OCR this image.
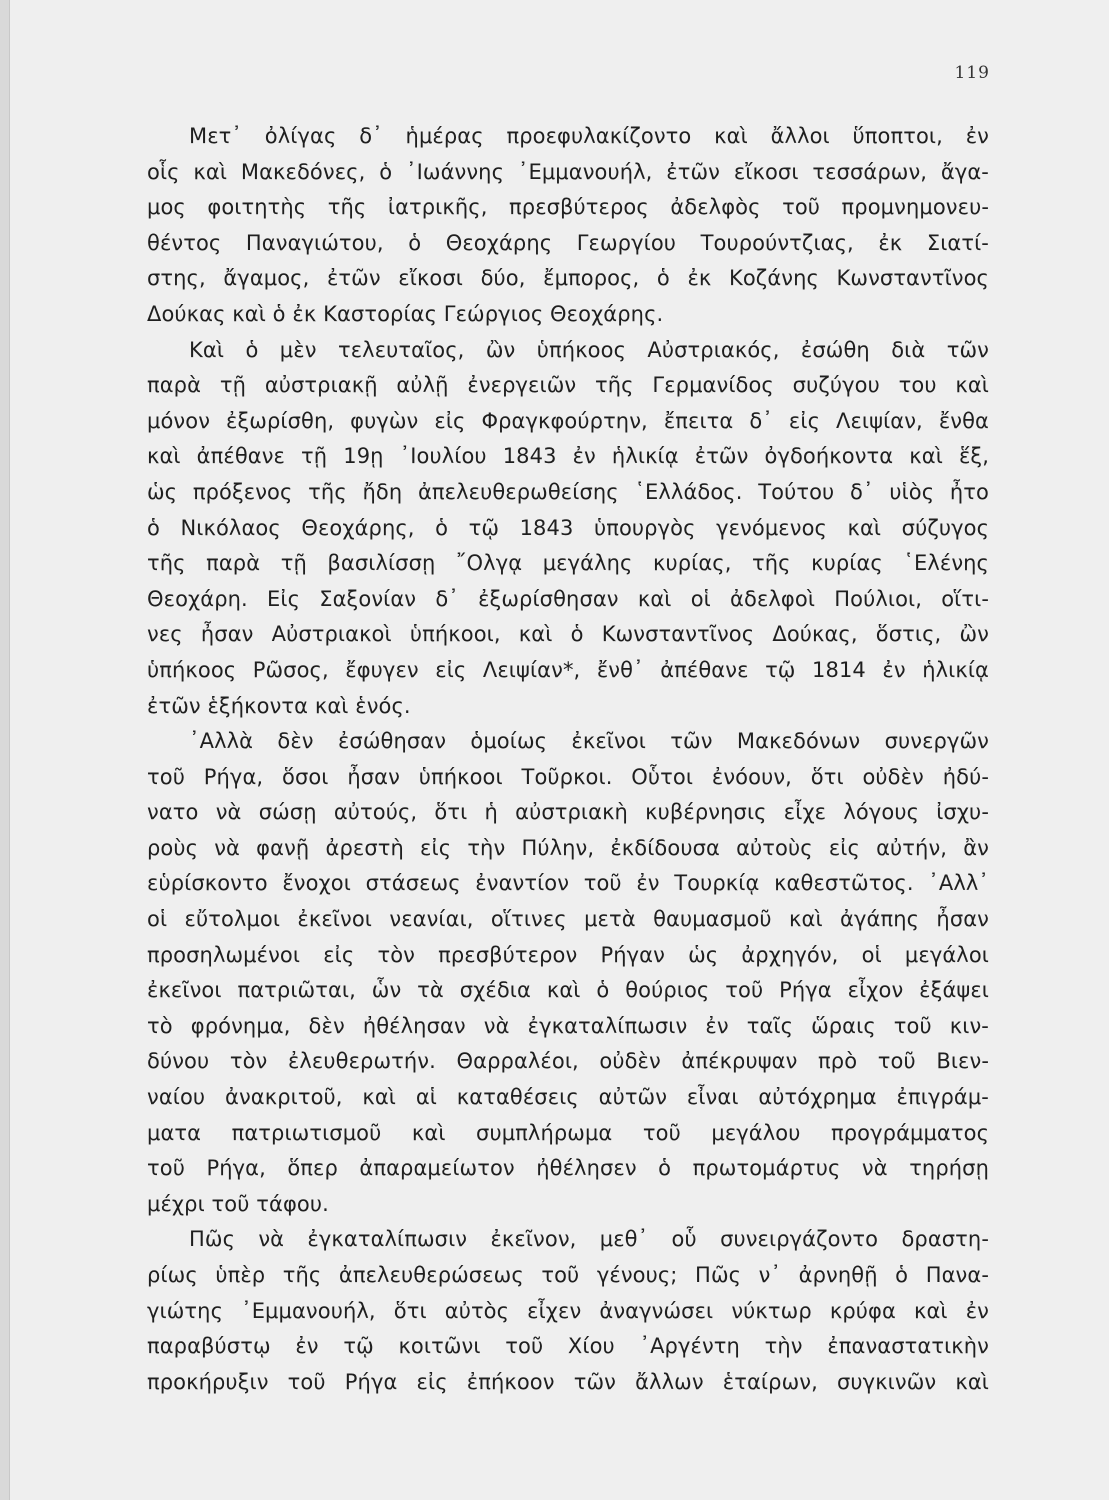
119
Μετ᾽ ὀλίγας δ᾽ ἡμέρας προεφυλακίζοντο καὶ ἄλλοι ὕποπτοι, ἐν
οἷς καὶ Μακεδόνες, ὁ ᾽Ιωάννης ᾽Εμμανουήλ, ἐτῶν εἴκοσι τεσσάρων, ἄγα-
μος φοιτητὴς τῆς ἰατρικῆς, πρεσβύτερος ἀδελφὸς τοῦ προμνημονευ-
θέντος Παναγιώτου, ὁ Θεοχάρης Γεωργίου Τουρούντζιας, ἐκ Σιατί-
στης, ἄγαμος, ἐτῶν εἴκοσι δύο, ἔμπορος, ὁ ἐκ Κοζάνης Κωνσταντῖνος
Δούκας καὶ ὁ ἐκ Καστορίας Γεώργιος Θεοχάρης.
Καὶ ὁ μὲν τελευταῖος, ὢν ὑπήκοος Αὐστριακός, ἐσώθη διὰ τῶν
παρὰ τῇ αὐστριακῇ αὐλῇ ἐνεργειῶν τῆς Γερμανίδος συζύγου του καὶ
μόνον ἐξωρίσθη, φυγὼν εἰς Φραγκφούρτην, ἔπειτα δ᾽ εἰς Λειψίαν, ἔνθα
καὶ ἀπέθανε τῇ 19ῃ ᾽Ιουλίου 1843 ἐν ἡλικίᾳ ἐτῶν ὀγδοήκοντα καὶ ἕξ,
ὡς πρόξενος τῆς ἤδη ἀπελευθερωθείσης ῾Ελλάδος. Τούτου δ᾽ υἱὸς ἦτο
ὁ Νικόλαος Θεοχάρης, ὁ τῷ 1843 ὑπουργὸς γενόμενος καὶ σύζυγος
τῆς παρὰ τῇ βασιλίσσῃ ῎Ολγᾳ μεγάλης κυρίας, τῆς κυρίας ῾Ελένης
Θεοχάρη. Εἰς Σαξονίαν δ᾽ ἐξωρίσθησαν καὶ οἱ ἀδελφοὶ Πούλιοι, οἵτι-
νες ἦσαν Αὐστριακοὶ ὑπήκοοι, καὶ ὁ Κωνσταντῖνος Δούκας, ὅστις, ὢν
ὑπήκοος Ρῶσος, ἔφυγεν εἰς Λειψίαν*, ἔνθ᾽ ἀπέθανε τῷ 1814 ἐν ἡλικίᾳ
ἐτῶν ἑξήκοντα καὶ ἑνός.
᾽Αλλὰ δὲν ἐσώθησαν ὁμοίως ἐκεῖνοι τῶν Μακεδόνων συνεργῶν
τοῦ Ρήγα, ὅσοι ἦσαν ὑπήκοοι Τοῦρκοι. Οὗτοι ἐνόουν, ὅτι οὐδὲν ἠδύ-
νατο νὰ σώσῃ αὐτούς, ὅτι ἡ αὐστριακὴ κυβέρνησις εἶχε λόγους ἰσχυ-
ροὺς νὰ φανῇ ἀρεστὴ εἰς τὴν Πύλην, ἐκδίδουσα αὐτοὺς εἰς αὐτήν, ἂν
εὑρίσκοντο ἔνοχοι στάσεως ἐναντίον τοῦ ἐν Τουρκίᾳ καθεστῶτος. ᾽Αλλ᾽
οἱ εὔτολμοι ἐκεῖνοι νεανίαι, οἵτινες μετὰ θαυμασμοῦ καὶ ἀγάπης ἦσαν
προσηλωμένοι εἰς τὸν πρεσβύτερον Ρήγαν ὡς ἀρχηγόν, οἱ μεγάλοι
ἐκεῖνοι πατριῶται, ὧν τὰ σχέδια καὶ ὁ θούριος τοῦ Ρήγα εἶχον ἐξάψει
τὸ φρόνημα, δὲν ἠθέλησαν νὰ ἐγκαταλίπωσιν ἐν ταῖς ὥραις τοῦ κιν-
δύνου τὸν ἐλευθερωτήν. Θαρραλέοι, οὐδὲν ἀπέκρυψαν πρὸ τοῦ Βιεν-
ναίου ἀνακριτοῦ, καὶ αἱ καταθέσεις αὐτῶν εἶναι αὐτόχρημα ἐπιγράμ-
ματα πατριωτισμοῦ καὶ συμπλήρωμα τοῦ μεγάλου προγράμματος
τοῦ Ρήγα, ὅπερ ἀπαραμείωτον ἠθέλησεν ὁ πρωτομάρτυς νὰ τηρήσῃ
μέχρι τοῦ τάφου.
Πῶς νὰ ἐγκαταλίπωσιν ἐκεῖνον, μεθ᾽ οὗ συνειργάζοντο δραστη-
ρίως ὑπὲρ τῆς ἀπελευθερώσεως τοῦ γένους; Πῶς ν᾽ ἀρνηθῇ ὁ Πανα-
γιώτης ᾽Εμμανουήλ, ὅτι αὐτὸς εἶχεν ἀναγνώσει νύκτωρ κρύφα καὶ ἐν
παραβύστῳ ἐν τῷ κοιτῶνι τοῦ Χίου ᾽Αργέντη τὴν ἐπαναστατικὴν
προκήρυξιν τοῦ Ρήγα εἰς ἐπήκοον τῶν ἄλλων ἑταίρων, συγκινῶν καὶ
